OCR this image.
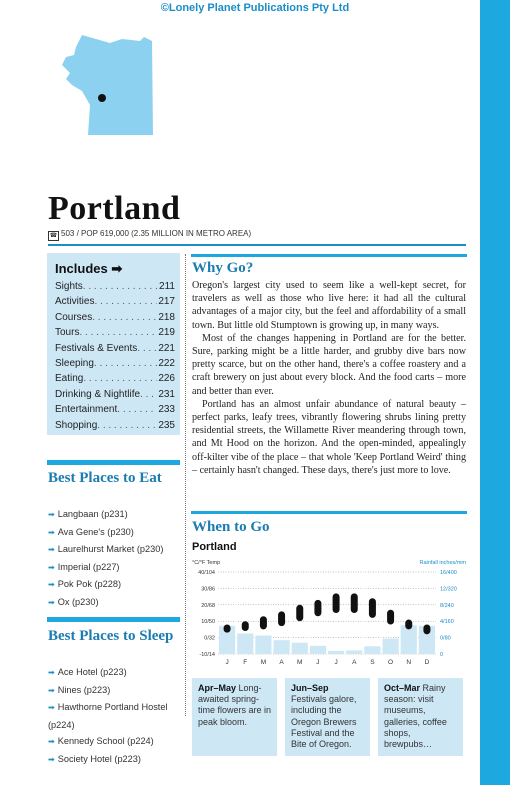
©Lonely Planet Publications Pty Ltd
Portland
☎ 503 / POP 619,000 (2.35 MILLION IN METRO AREA)
Includes ➡
Sights . . .	211
Activities . . .	217
Courses . . .	218
Tours . . .	219
Festivals & Events . . . 221
Sleeping . . .	222
Eating . . .	226
Drinking & Nightlife . . . 231
Entertainment . . .	233
Shopping . . .	235
Best Places to Eat
➡ Langbaan (p231)
➡ Ava Gene's (p230)
➡ Laurelhurst Market (p230)
➡ Imperial (p227)
➡ Pok Pok (p228)
➡ Ox (p230)
Best Places to Sleep
➡ Ace Hotel (p223)
➡ Nines (p223)
➡ Hawthorne Portland Hostel (p224)
➡ Kennedy School (p224)
➡ Society Hotel (p223)
Why Go?

Oregon's largest city used to seem like a well-kept secret, for travelers as well as those who live here: it had all the cultural advantages of a major city, but the feel and affordability of a small town. But little old Stumptown is growing up, in many ways.

Most of the changes happening in Portland are for the better. Sure, parking might be a little harder, and grubby dive bars now pretty scarce, but on the other hand, there's a coffee roastery and a craft brewery on just about every block. And the food carts – more and better than ever.

Portland has an almost unfair abundance of natural beauty – perfect parks, leafy trees, vibrantly flowering shrubs lining pretty residential streets, the Willamette River meandering through town, and Mt Hood on the horizon. And the open-minded, appealingly off-kilter vibe of the place – that whole 'Keep Portland Weird' thing – certainly hasn't changed. These days, there's just more to love.

When to Go
Portland
°C/°F Temp	Rainfall inches/mm
40/104	16/400
30/86	12/320
20/68	8/240
10/50	4/160
0/32	0/80
-10/14	0
J F M A M J J A S O N D
Apr–May Long-awaited spring-time flowers are in peak bloom.
Jun–Sep Festivals galore, including the Oregon Brewers Festival and the Bite of Oregon.
Oct–Mar Rainy season: visit museums, galleries, coffee shops, brewpubs…
